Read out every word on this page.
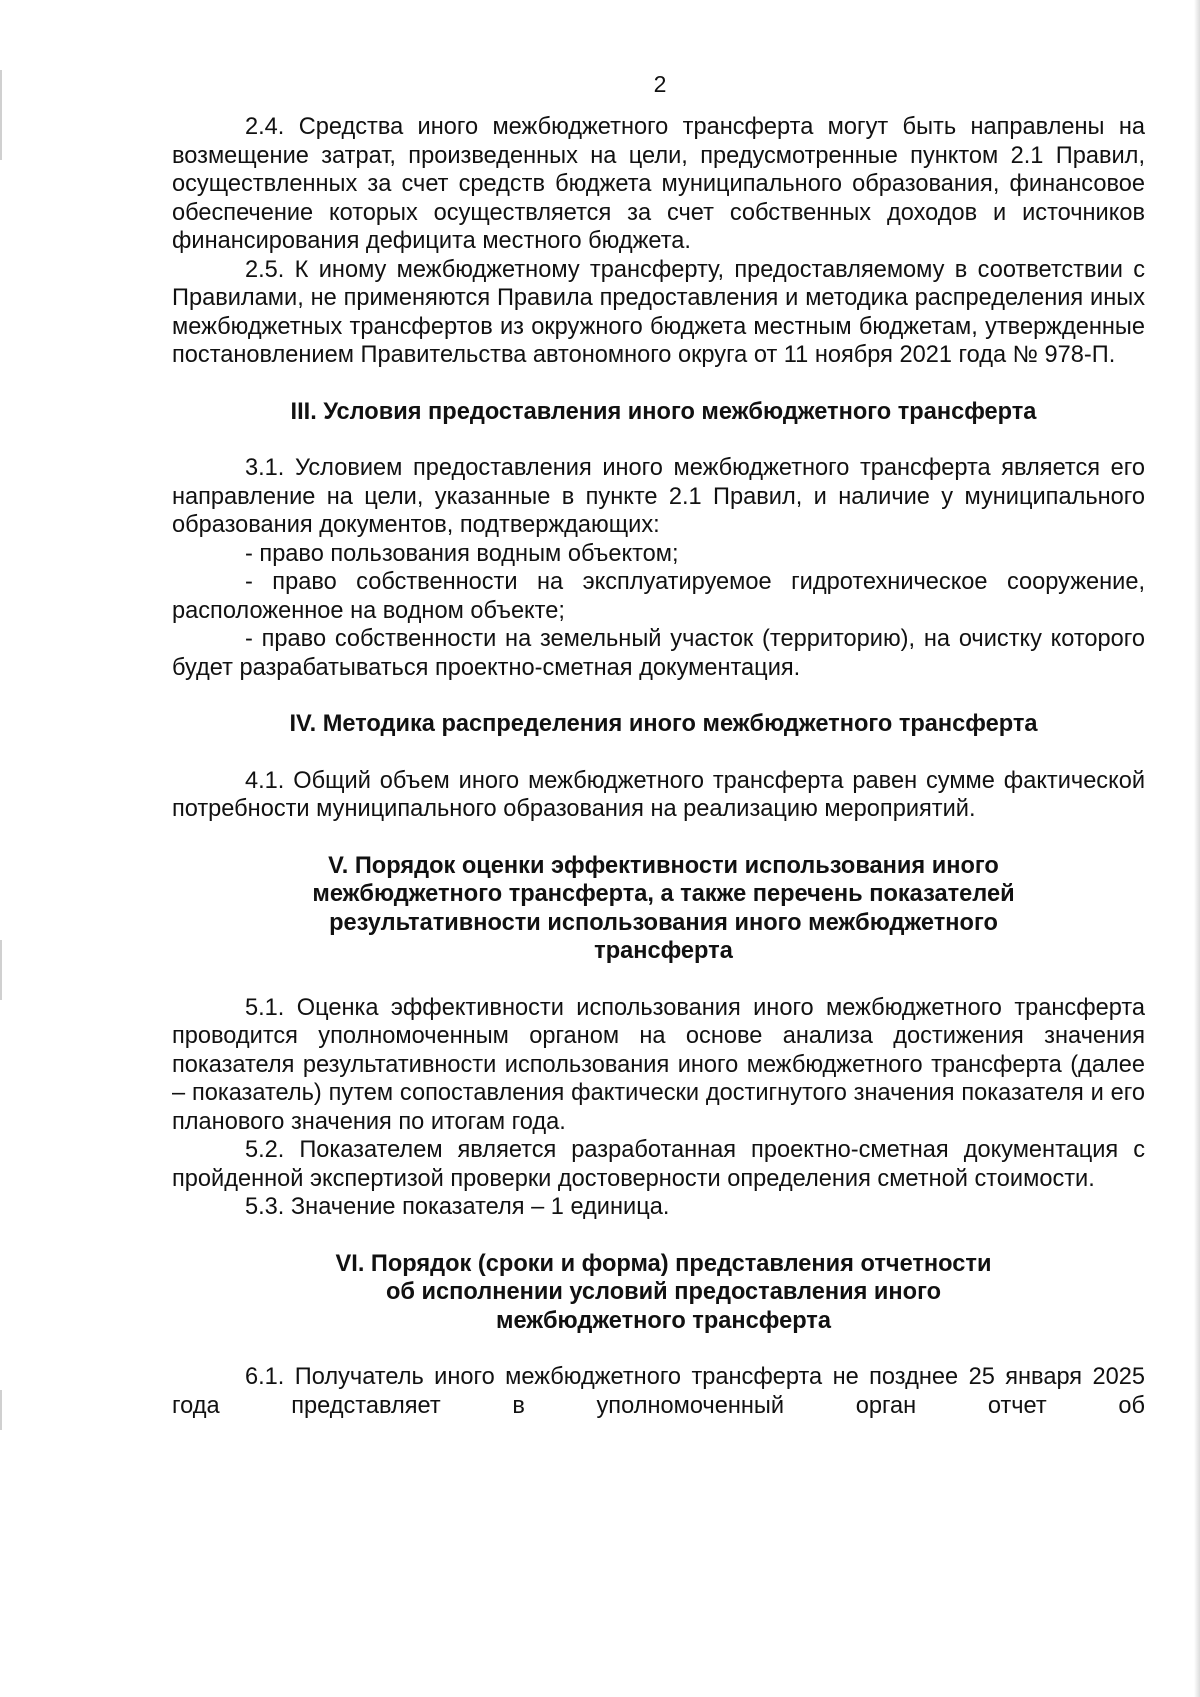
2

2.4. Средства иного межбюджетного трансферта могут быть направлены на возмещение затрат, произведенных на цели, предусмотренные пунктом 2.1 Правил, осуществленных за счет средств бюджета муниципального образования, финансовое обеспечение которых осуществляется за счет собственных доходов и источников финансирования дефицита местного бюджета.

2.5. К иному межбюджетному трансферту, предоставляемому в соответствии с Правилами, не применяются Правила предоставления и методика распределения иных межбюджетных трансфертов из окружного бюджета местным бюджетам, утвержденные постановлением Правительства автономного округа от 11 ноября 2021 года № 978-П.

III. Условия предоставления иного межбюджетного трансферта

3.1. Условием предоставления иного межбюджетного трансферта является его направление на цели, указанные в пункте 2.1 Правил, и наличие у муниципального образования документов, подтверждающих:

- право пользования водным объектом;

- право собственности на эксплуатируемое гидротехническое сооружение, расположенное на водном объекте;

- право собственности на земельный участок (территорию), на очистку которого будет разрабатываться проектно-сметная документация.

IV. Методика распределения иного межбюджетного трансферта

4.1. Общий объем иного межбюджетного трансферта равен сумме фактической потребности муниципального образования на реализацию мероприятий.

V. Порядок оценки эффективности использования иного
межбюджетного трансферта, а также перечень показателей
результативности использования иного межбюджетного
трансферта

5.1. Оценка эффективности использования иного межбюджетного трансферта проводится уполномоченным органом на основе анализа достижения значения показателя результативности использования иного межбюджетного трансферта (далее – показатель) путем сопоставления фактически достигнутого значения показателя и его планового значения по итогам года.

5.2. Показателем является разработанная проектно-сметная документация с пройденной экспертизой проверки достоверности определения сметной стоимости.

5.3. Значение показателя – 1 единица.

VI. Порядок (сроки и форма) представления отчетности
об исполнении условий предоставления иного
межбюджетного трансферта

6.1. Получатель иного межбюджетного трансферта не позднее 25 января 2025 года представляет в уполномоченный орган отчет об
